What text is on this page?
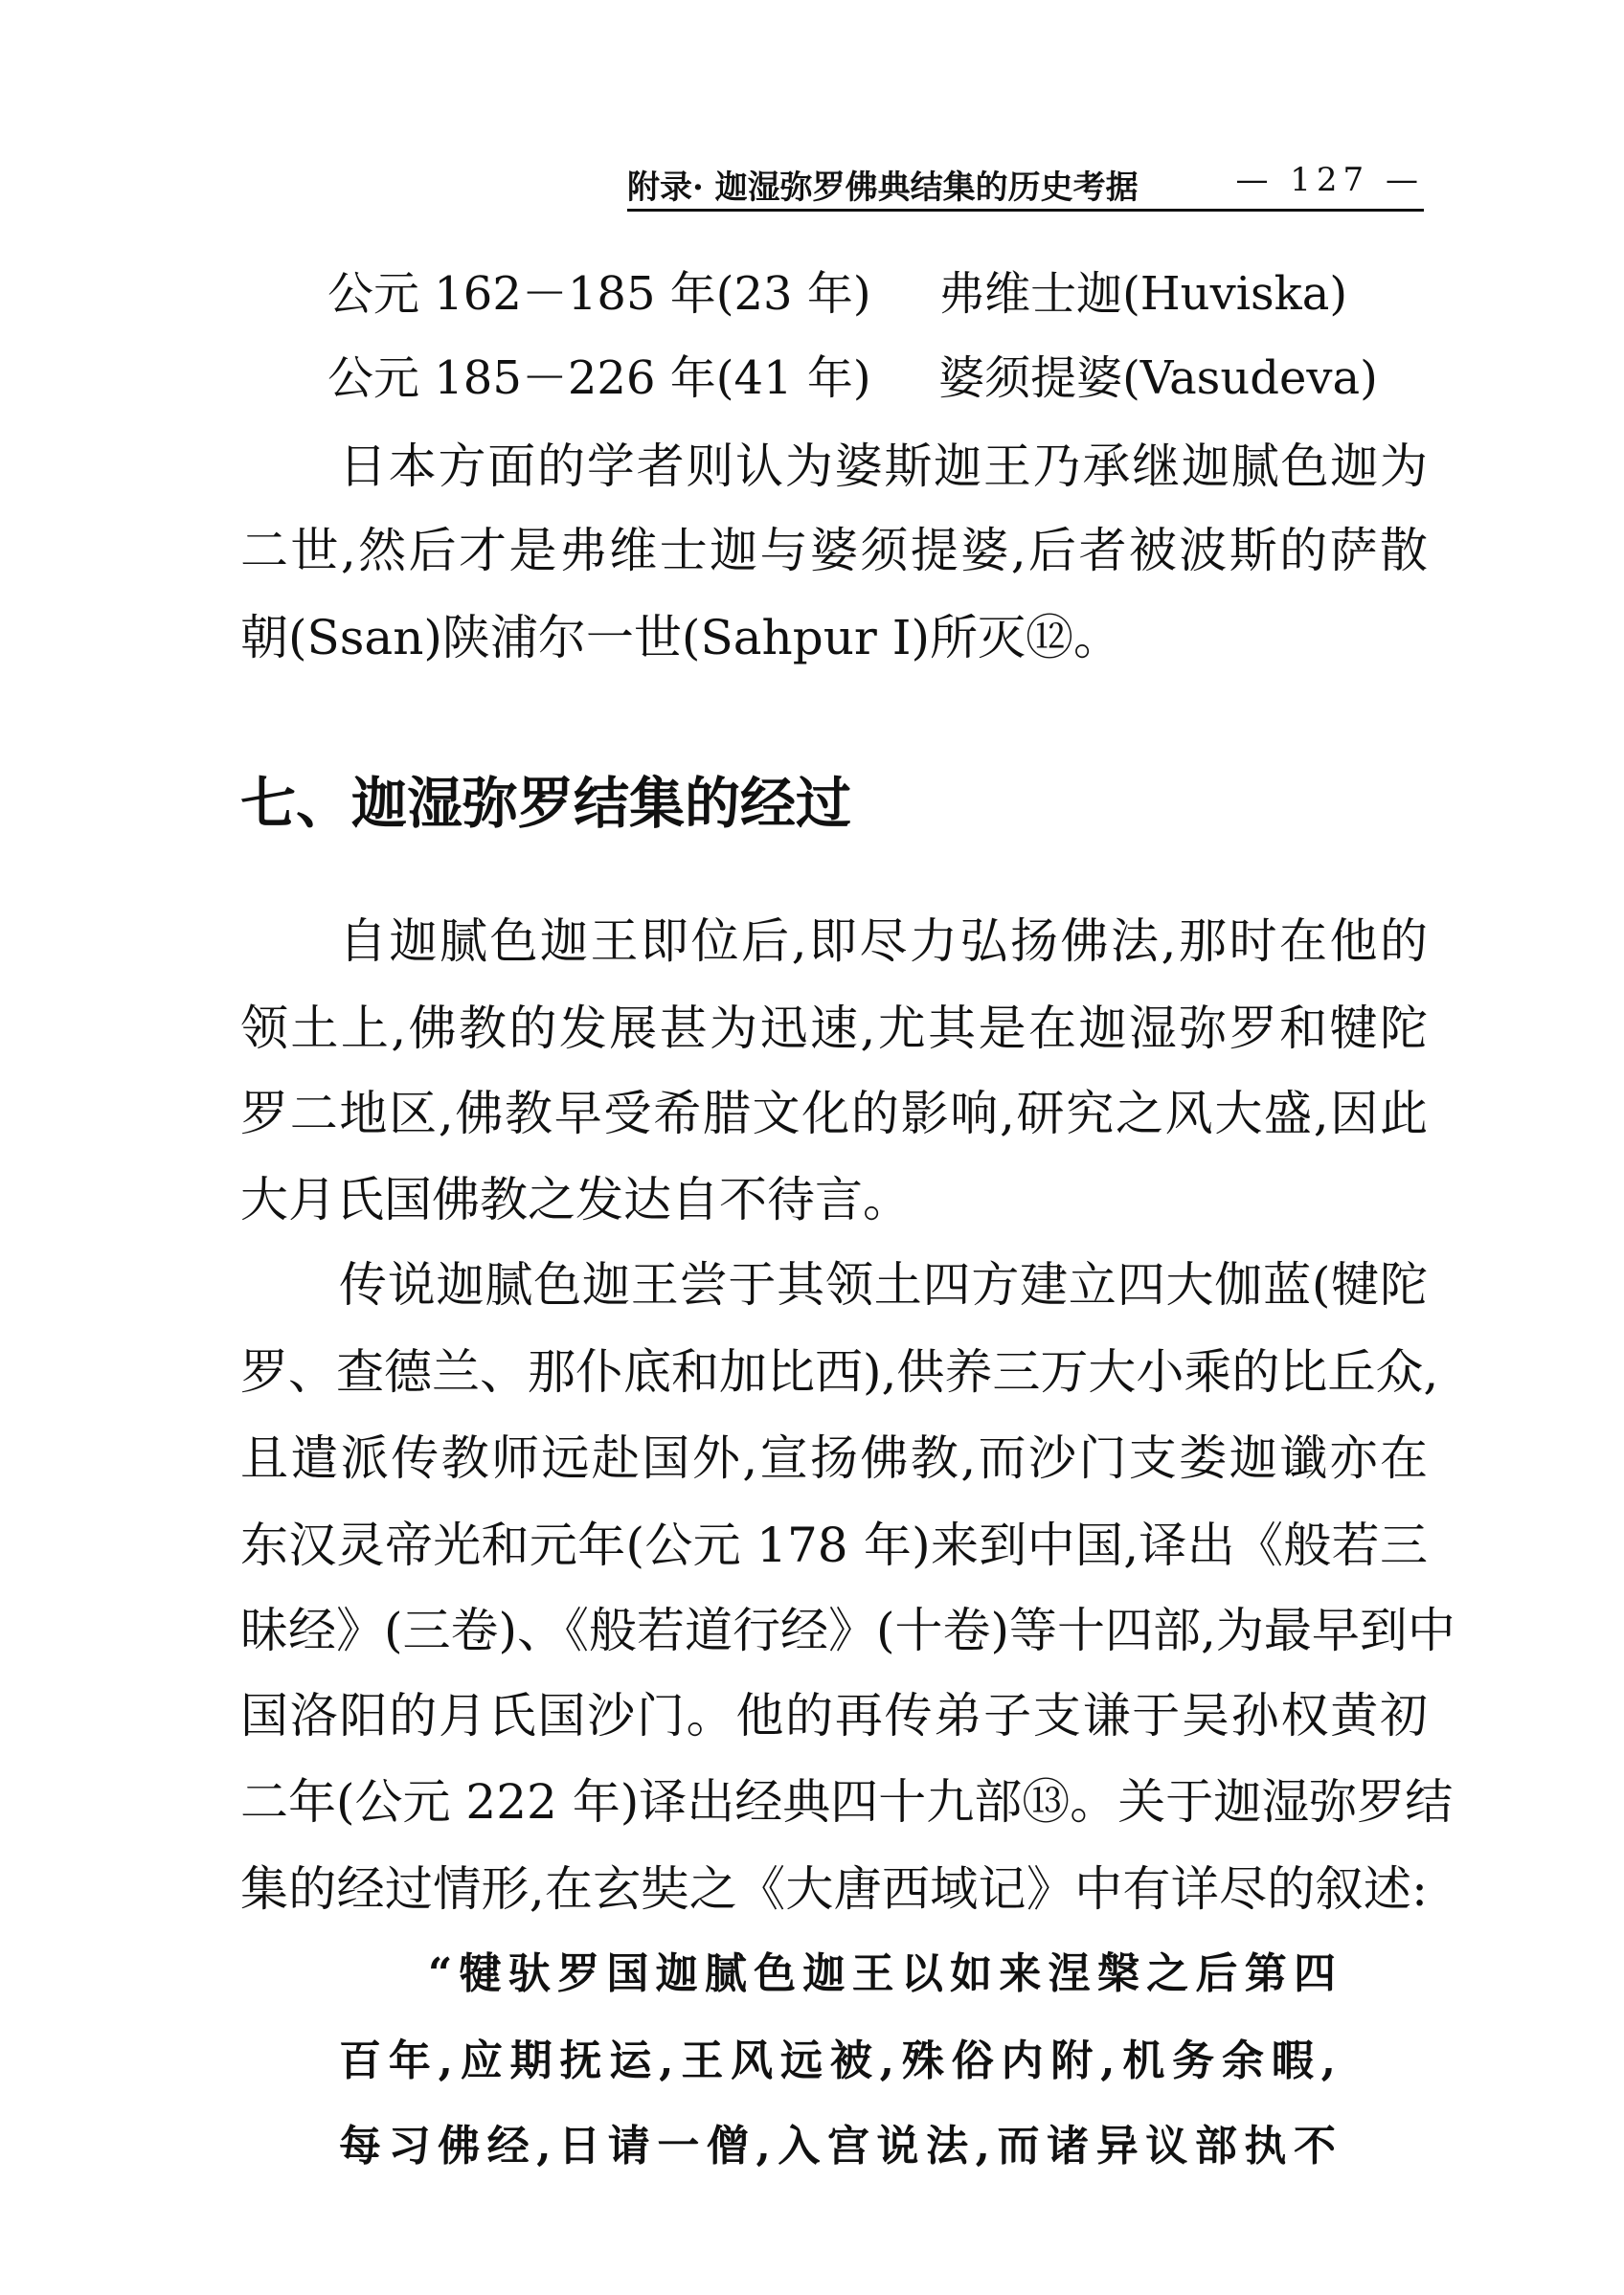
附录· 迦湿弥罗佛典结集的历史考据	— 127 —
公元 162－185 年(23 年) 弗维士迦(Huviska)
公元 185－226 年(41 年) 婆须提婆(Vasudeva)
日本方面的学者则认为婆斯迦王乃承继迦腻色迦为
二世,然后才是弗维士迦与婆须提婆,后者被波斯的萨散
朝(Ssan)陕浦尔一世(Sahpur I)所灭⑫。
七、迦湿弥罗结集的经过
自迦腻色迦王即位后,即尽力弘扬佛法,那时在他的
领土上,佛教的发展甚为迅速,尤其是在迦湿弥罗和犍陀
罗二地区,佛教早受希腊文化的影响,研究之风大盛,因此
大月氏国佛教之发达自不待言。
传说迦腻色迦王尝于其领土四方建立四大伽蓝(犍陀
罗、查德兰、那仆底和加比西),供养三万大小乘的比丘众,
且遣派传教师远赴国外,宣扬佛教,而沙门支娄迦谶亦在
东汉灵帝光和元年(公元 178 年)来到中国,译出《般若三
昧经》(三卷)、《般若道行经》(十卷)等十四部,为最早到中
国洛阳的月氏国沙门。他的再传弟子支谦于吴孙权黄初
二年(公元 222 年)译出经典四十九部⑬。关于迦湿弥罗结
集的经过情形,在玄奘之《大唐西域记》中有详尽的叙述:
“犍驮罗国迦腻色迦王以如来涅槃之后第四
百年,应期抚运,王风远被,殊俗内附,机务余暇,
每习佛经,日请一僧,入宫说法,而诸异议部执不
